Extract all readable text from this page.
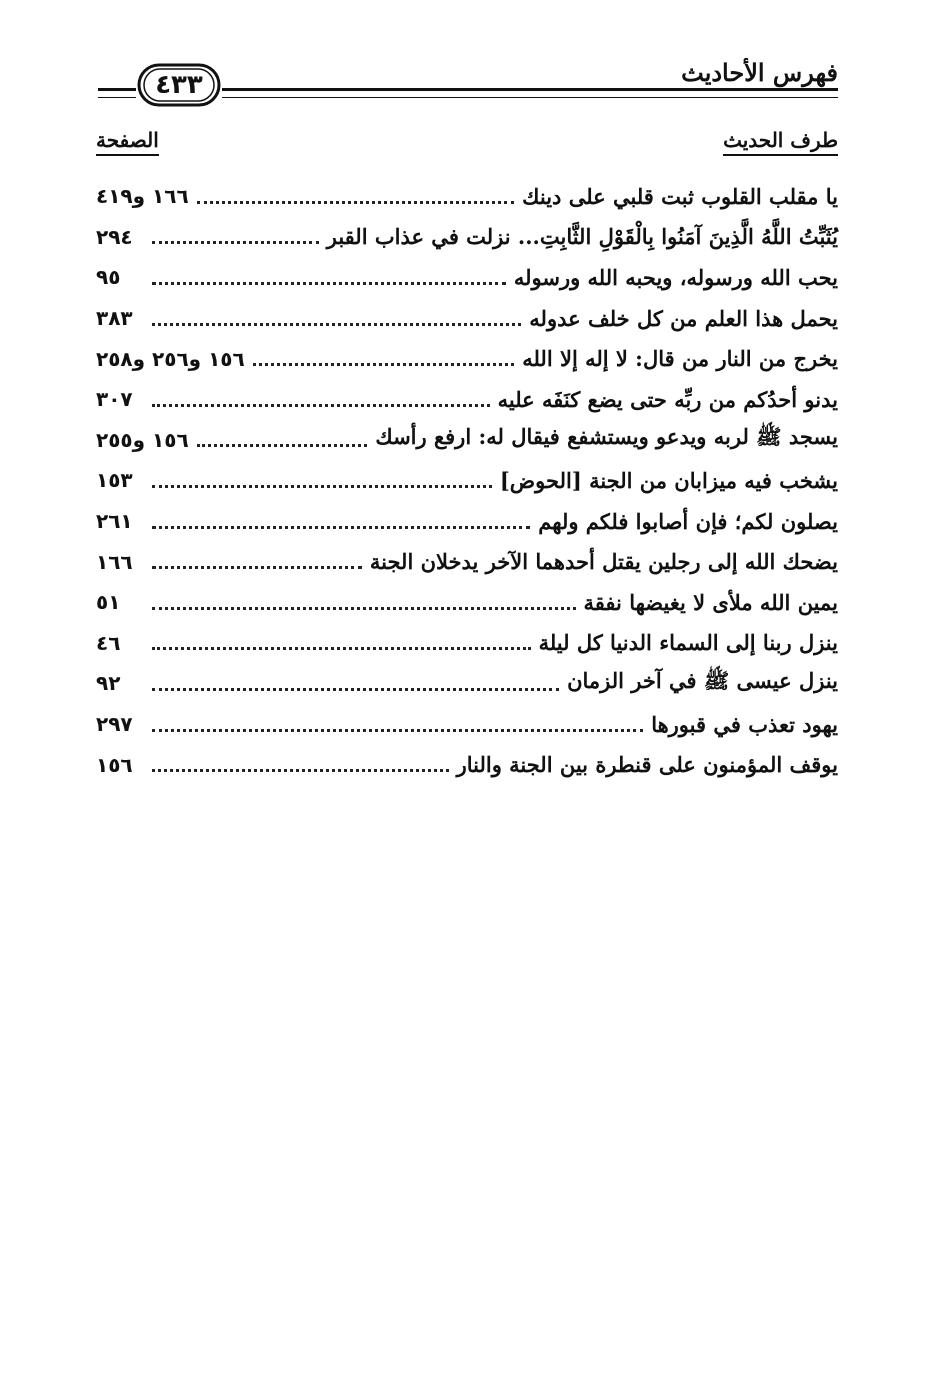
فهرس الأحاديث
٤٣٣
طرف الحديث
الصفحة
١٦٦ و٤١٩	يا مقلب القلوب ثبت قلبي على دينك
٢٩٤	يُثَبِّتُ اللَّهُ الَّذِينَ آمَنُوا بِالْقَوْلِ الثَّابِتِ... نزلت في عذاب القبر
٩٥	يحب الله ورسوله، ويحبه الله ورسوله
٣٨٣	يحمل هذا العلم من كل خلف عدوله
١٥٦ و٢٥٦ و٢٥٨	يخرج من النار من قال: لا إله إلا الله
٣٠٧	يدنو أحدُكم من ربِّه حتى يضع كنَفَه عليه
١٥٦ و٢٥٥	يسجد ﷺ لربه ويدعو ويستشفع فيقال له: ارفع رأسك
١٥٣	يشخب فيه ميزابان من الجنة [الحوض]
٢٦١	يصلون لكم؛ فإن أصابوا فلكم ولهم
١٦٦	يضحك الله إلى رجلين يقتل أحدهما الآخر يدخلان الجنة
٥١	يمين الله ملأى لا يغيضها نفقة
٤٦	ينزل ربنا إلى السماء الدنيا كل ليلة
٩٢	ينزل عيسى ﷺ في آخر الزمان
٢٩٧	يهود تعذب في قبورها
١٥٦	يوقف المؤمنون على قنطرة بين الجنة والنار
